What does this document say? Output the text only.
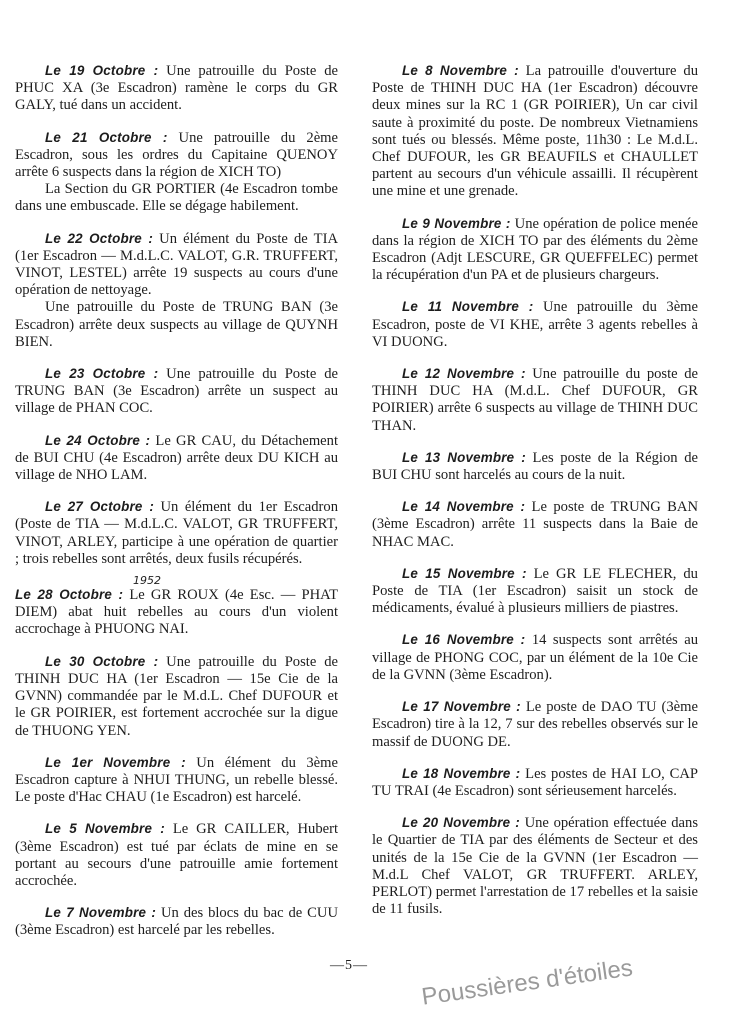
Le 19 Octobre : Une patrouille du Poste de PHUC XA (3e Escadron) ramène le corps du GR GALY, tué dans un accident.

Le 21 Octobre : Une patrouille du 2ème Escadron, sous les ordres du Capitaine QUENOY arrête 6 suspects dans la région de XICH TO)
La Section du GR PORTIER (4e Escadron tombe dans une embuscade. Elle se dégage habilement.

Le 22 Octobre : Un élément du Poste de TIA (1er Escadron — M.d.L.C. VALOT, G.R. TRUFFERT, VINOT, LESTEL) arrête 19 suspects au cours d'une opération de nettoyage.
Une patrouille du Poste de TRUNG BAN (3e Escadron) arrête deux suspects au village de QUYNH BIEN.

Le 23 Octobre : Une patrouille du Poste de TRUNG BAN (3e Escadron) arrête un suspect au village de PHAN COC.

Le 24 Octobre : Le GR CAU, du Détachement de BUI CHU (4e Escadron) arrête deux DU KICH au village de NHO LAM.

Le 27 Octobre : Un élément du 1er Escadron (Poste de TIA — M.d.L.C. VALOT, GR TRUFFERT, VINOT, ARLEY, participe à une opération de quartier ; trois rebelles sont arrêtés, deux fusils récupérés.

1952
Le 28 Octobre : Le GR ROUX (4e Esc. — PHAT DIEM) abat huit rebelles au cours d'un violent accrochage à PHUONG NAI.

Le 30 Octobre : Une patrouille du Poste de THINH DUC HA (1er Escadron — 15e Cie de la GVNN) commandée par le M.d.L. Chef DUFOUR et le GR POIRIER, est fortement accrochée sur la digue de THUONG YEN.

Le 1er Novembre : Un élément du 3ème Escadron capture à NHUI THUNG, un rebelle blessé. Le poste d'Hac CHAU (1e Escadron) est harcelé.

Le 5 Novembre : Le GR CAILLER, Hubert (3ème Escadron) est tué par éclats de mine en se portant au secours d'une patrouille amie fortement accrochée.

Le 7 Novembre : Un des blocs du bac de CUU (3ème Escadron) est harcelé par les rebelles.

Le 8 Novembre : La patrouille d'ouverture du Poste de THINH DUC HA (1er Escadron) découvre deux mines sur la RC 1 (GR POIRIER), Un car civil saute à proximité du poste. De nombreux Vietnamiens sont tués ou blessés. Même poste, 11h30 : Le M.d.L. Chef DUFOUR, les GR BEAUFILS et CHAULLET partent au secours d'un véhicule assailli. Il récupèrent une mine et une grenade.

Le 9 Novembre : Une opération de police menée dans la région de XICH TO par des éléments du 2ème Escadron (Adjt LESCURE, GR QUEFFELEC) permet la récupération d'un PA et de plusieurs chargeurs.

Le 11 Novembre : Une patrouille du 3ème Escadron, poste de VI KHE, arrête 3 agents rebelles à VI DUONG.

Le 12 Novembre : Une patrouille du poste de THINH DUC HA (M.d.L. Chef DUFOUR, GR POIRIER) arrête 6 suspects au village de THINH DUC THAN.

Le 13 Novembre : Les poste de la Région de BUI CHU sont harcelés au cours de la nuit.

Le 14 Novembre : Le poste de TRUNG BAN (3ème Escadron) arrête 11 suspects dans la Baie de NHAC MAC.

Le 15 Novembre : Le GR LE FLECHER, du Poste de TIA (1er Escadron) saisit un stock de médicaments, évalué à plusieurs milliers de piastres.

Le 16 Novembre : 14 suspects sont arrêtés au village de PHONG COC, par un élément de la 10e Cie de la GVNN (3ème Escadron).

Le 17 Novembre : Le poste de DAO TU (3ème Escadron) tire à la 12, 7 sur des rebelles observés sur le massif de DUONG DE.

Le 18 Novembre : Les postes de HAI LO, CAP TU TRAI (4e Escadron) sont sérieusement harcelés.

Le 20 Novembre : Une opération effectuée dans le Quartier de TIA par des éléments de Secteur et des unités de la 15e Cie de la GVNN (1er Escadron — M.d.L Chef VALOT, GR TRUFFERT. ARLEY, PERLOT) permet l'arrestation de 17 rebelles et la saisie de 11 fusils.

—5— Poussières d'étoiles
